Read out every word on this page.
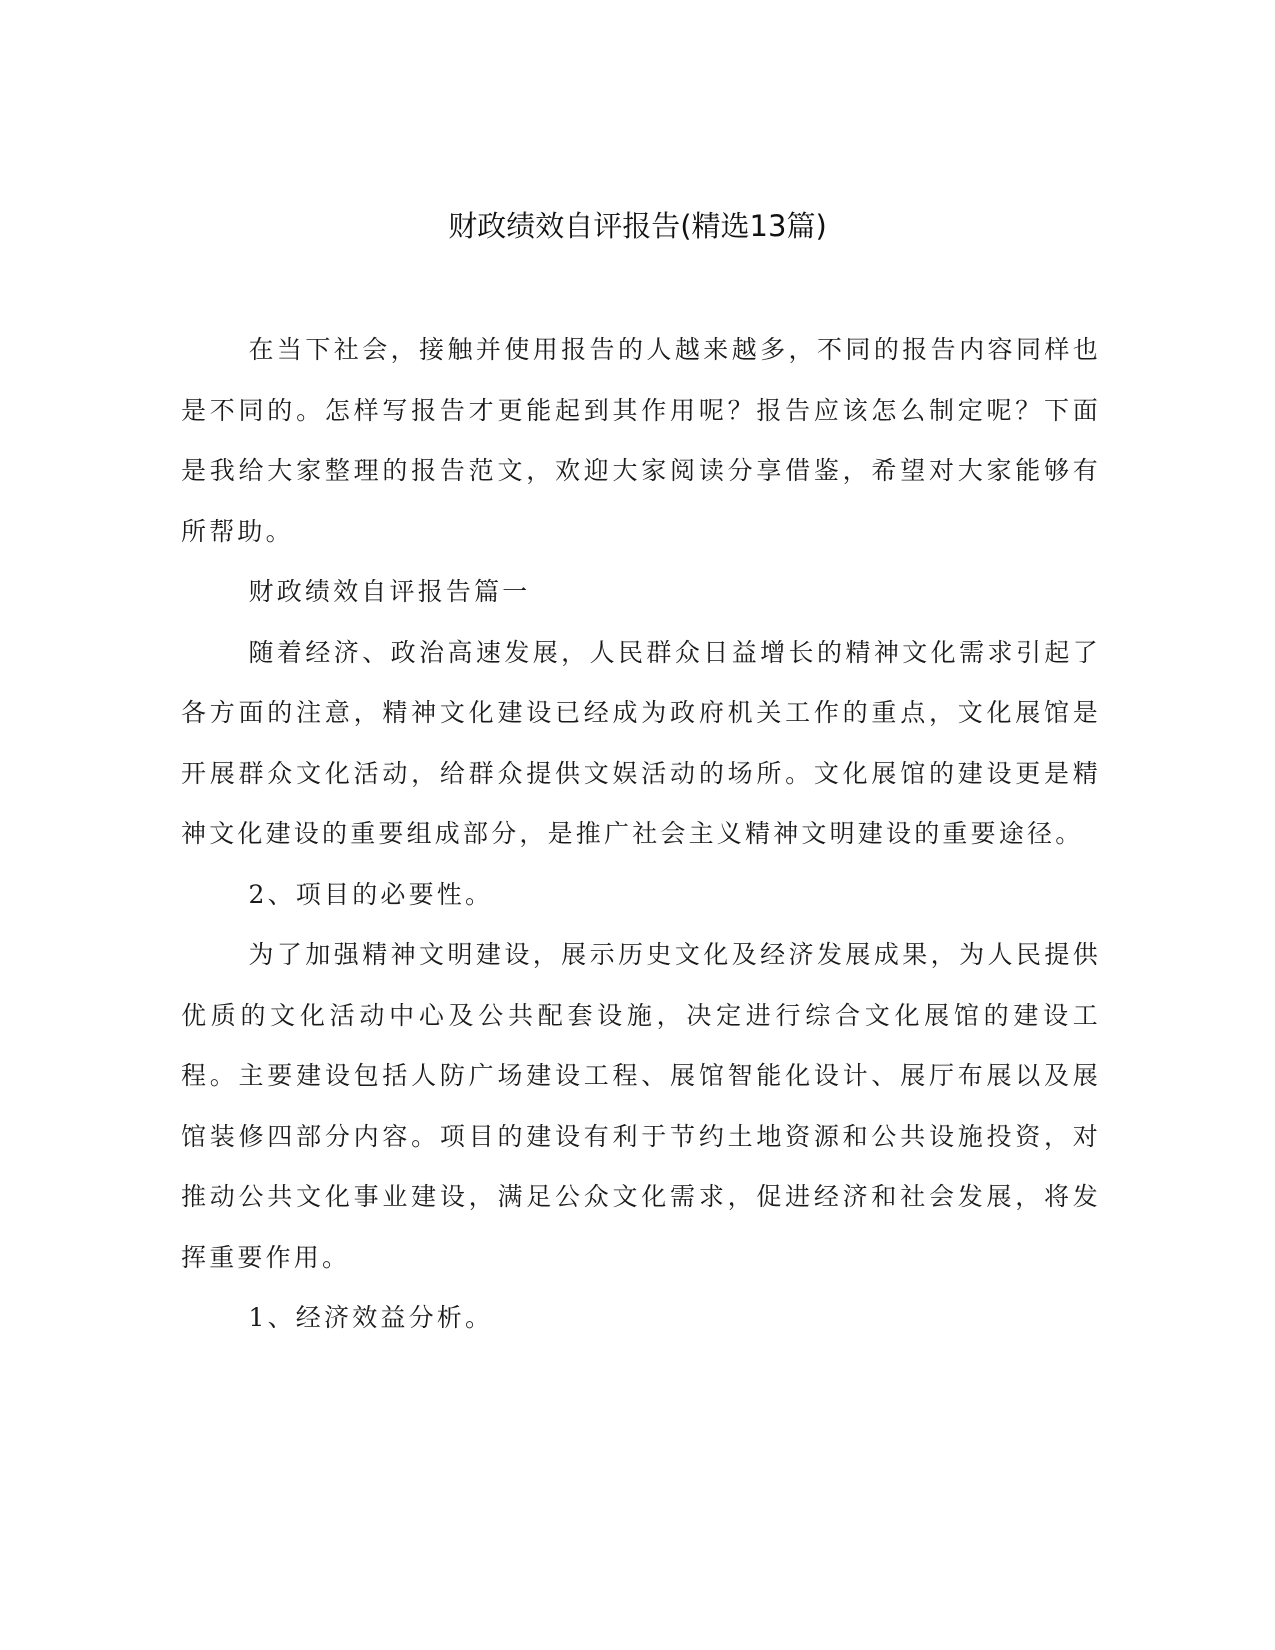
财政绩效自评报告(精选13篇)

在当下社会，接触并使用报告的人越来越多，不同的报告内容同样也是不同的。怎样写报告才更能起到其作用呢？报告应该怎么制定呢？下面是我给大家整理的报告范文，欢迎大家阅读分享借鉴，希望对大家能够有所帮助。

财政绩效自评报告篇一

随着经济、政治高速发展，人民群众日益增长的精神文化需求引起了各方面的注意，精神文化建设已经成为政府机关工作的重点，文化展馆是开展群众文化活动，给群众提供文娱活动的场所。文化展馆的建设更是精神文化建设的重要组成部分，是推广社会主义精神文明建设的重要途径。

2、项目的必要性。

为了加强精神文明建设，展示历史文化及经济发展成果，为人民提供优质的文化活动中心及公共配套设施，决定进行综合文化展馆的建设工程。主要建设包括人防广场建设工程、展馆智能化设计、展厅布展以及展馆装修四部分内容。项目的建设有利于节约土地资源和公共设施投资，对推动公共文化事业建设，满足公众文化需求，促进经济和社会发展，将发挥重要作用。

1、经济效益分析。
